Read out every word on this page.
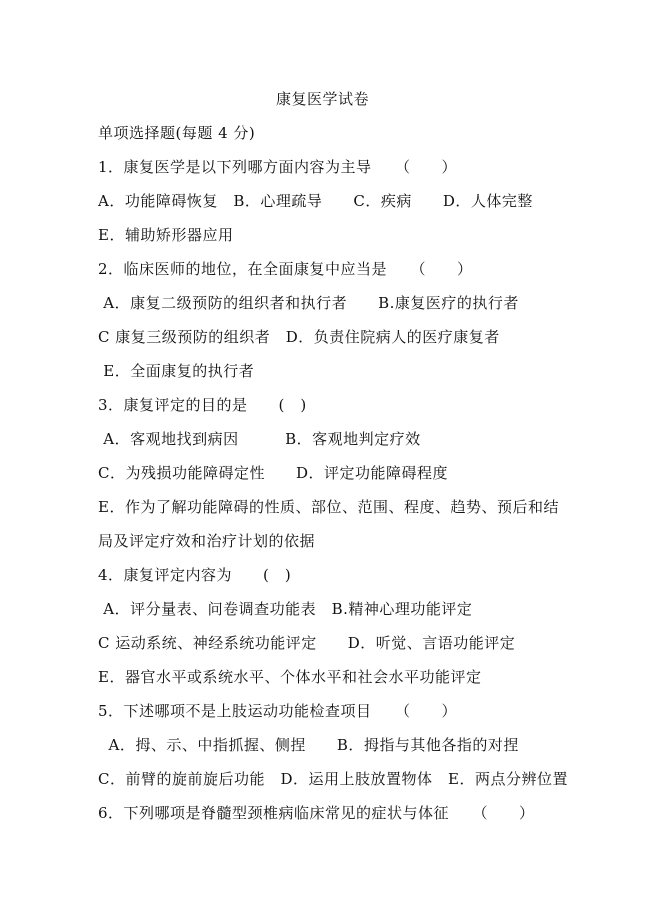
康复医学试卷
单项选择题(每题 4 分)
1．康复医学是以下列哪方面内容为主导　　（　　）
A．功能障碍恢复　B．心理疏导　　C．疾病　　D．人体完整
E．辅助矫形器应用
2．临床医师的地位，在全面康复中应当是　　（　　）
A．康复二级预防的组织者和执行者　　B.康复医疗的执行者
C 康复三级预防的组织者　D．负责住院病人的医疗康复者
E．全面康复的执行者
3．康复评定的目的是　　(　)
A．客观地找到病因　　　B．客观地判定疗效
C．为残损功能障碍定性　　D．评定功能障碍程度
E．作为了解功能障碍的性质、部位、范围、程度、趋势、预后和结
局及评定疗效和治疗计划的依据
4．康复评定内容为　　(　)
A．评分量表、问卷调查功能表　B.精神心理功能评定
C 运动系统、神经系统功能评定　　D．听觉、言语功能评定
E．器官水平或系统水平、个体水平和社会水平功能评定
5．下述哪项不是上肢运动功能检查项目　　（　　）
A．拇、示、中指抓握、侧捏　　B．拇指与其他各指的对捏
C．前臂的旋前旋后功能　D．运用上肢放置物体　E．两点分辨位置
6．下列哪项是脊髓型颈椎病临床常见的症状与体征　　（　　）
